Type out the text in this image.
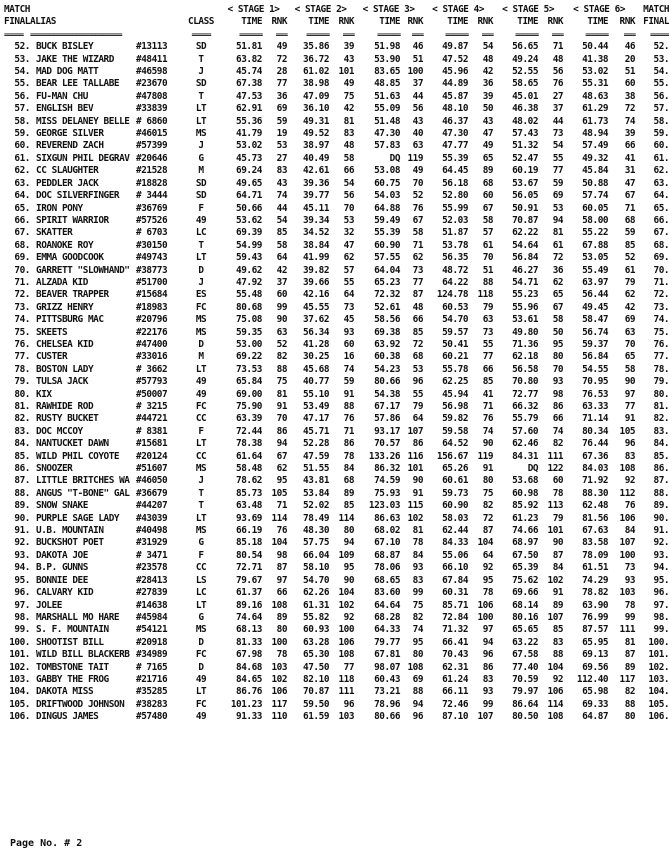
MATCH				< STAGE 1>		< STAGE 2>		< STAGE 3>		< STAGE 4>		< STAGE 5>		< STAGE 6>		MATCH
FINAL	ALIAS		CLASS	TIME	RNK	TIME	RNK	TIME	RNK	TIME	RNK	TIME	RNK	TIME	RNK	FINAL
=====	========================		=====	======	===	======	===	======	===	======	===	======	===	======	===	=====
52.	BUCK BISLEY	#13113	SD	51.81	49	35.86	39	51.98	46	49.87	54	56.65	71	50.44	46	52.
53.	JAKE THE WIZARD	#48411	T	63.82	72	36.72	43	53.90	51	47.52	48	49.24	48	41.38	20	53.
54.	MAD DOG MATT	#46598	J	45.74	28	61.02	101	83.65	100	45.96	42	52.55	56	53.02	51	54.
55.	BEAR LEE TALLABE	#23670	SD	67.38	77	38.98	49	48.85	37	44.89	36	58.65	76	55.31	60	55.
56.	FU-MAN CHU	#47808	T	47.53	36	47.09	75	51.63	44	45.87	39	45.01	27	48.63	38	56.
57.	ENGLISH BEV	#33839	LT	62.91	69	36.10	42	55.09	56	48.10	50	46.38	37	61.29	72	57.
58.	MISS DELANEY BELLE	# 6860	LT	55.36	59	49.31	81	51.48	43	46.37	43	48.02	44	61.73	74	58.
59.	GEORGE SILVER	#46015	MS	41.79	19	49.52	83	47.30	40	47.30	47	57.43	73	48.94	39	59.
60.	REVEREND ZACH	#57399	J	53.02	53	38.97	48	57.83	63	47.77	49	51.32	54	57.49	66	60.
61.	SIXGUN PHIL DEGRAV	#20646	G	45.73	27	40.49	58	DQ	119	55.39	65	52.47	55	49.32	41	61.
62.	CC SLAUGHTER	#21528	M	69.24	83	42.61	66	53.08	49	64.45	89	60.19	77	45.84	31	62.
63.	PEDDLER JACK	#18828	SD	49.65	43	39.36	54	60.75	70	56.18	68	53.67	59	50.88	47	63.
64.	DOC SILVERFINGER	# 3444	SD	64.71	74	39.77	56	54.03	52	52.80	60	56.05	69	57.74	67	64.
65.	IRON PONY	#36769	F	50.66	44	45.11	70	64.88	76	55.99	67	50.91	53	60.05	71	65.
66.	SPIRIT WARRIOR	#57526	49	53.62	54	39.34	53	59.49	67	52.03	58	70.87	94	58.00	68	66.
67.	SKATTER	# 6703	LC	69.39	85	34.52	32	55.39	58	51.87	57	62.22	81	55.22	59	67.
68.	ROANOKE ROY	#30150	T	54.99	58	38.84	47	60.90	71	53.78	61	54.64	61	67.88	85	68.
69.	EMMA GOODCOOK	#49743	LT	59.43	64	41.99	62	57.55	62	56.35	70	56.84	72	53.05	52	69.
70.	GARRETT "SLOWHAND"	#38773	D	49.62	42	39.82	57	64.04	73	48.72	51	46.27	36	55.49	61	70.
71.	ALZADA KID	#51700	J	47.92	37	39.66	55	65.23	77	64.22	88	54.71	62	63.97	79	71.
72.	BEAVER TRAPPER	#15684	ES	55.48	60	42.16	64	72.32	87	124.78	118	55.23	65	56.44	62	72.
73.	GRIZZ HENRY	#18983	FC	80.68	99	45.55	73	52.61	48	60.53	79	55.96	67	49.45	42	73.
74.	PITTSBURG MAC	#20796	MS	75.08	90	37.62	45	58.56	66	54.70	63	53.61	58	58.47	69	74.
75.	SKEETS	#22176	MS	59.35	63	56.34	93	69.38	85	59.57	73	49.80	50	56.74	63	75.
76.	CHELSEA KID	#47400	D	53.00	52	41.28	60	63.92	72	50.41	55	71.36	95	59.37	70	76.
77.	CUSTER	#33016	M	69.22	82	30.25	16	60.38	68	60.21	77	62.18	80	56.84	65	77.
78.	BOSTON LADY	# 3662	LT	73.53	88	45.68	74	54.23	53	55.78	66	56.58	70	54.55	58	78.
79.	TULSA JACK	#57793	49	65.84	75	40.77	59	80.66	96	62.25	85	70.80	93	70.95	90	79.
80.	KIX	#50007	49	69.00	81	55.10	91	54.38	55	45.94	41	72.77	98	76.53	97	80.
81.	RAWHIDE ROD	# 3215	FC	75.90	91	53.49	88	67.17	79	56.98	71	66.32	86	63.33	77	81.
82.	RUSTY BUCKET	#44721	CC	63.39	70	47.17	76	57.86	64	59.82	76	55.79	66	71.14	91	82.
83.	DOC MCCOY	# 8381	F	72.44	86	45.71	71	93.17	107	59.58	74	57.60	74	80.34	105	83.
84.	NANTUCKET DAWN	#15681	LT	78.38	94	52.28	86	70.57	86	64.52	90	62.46	82	76.44	96	84.
85.	WILD PHIL COYOTE	#20124	CC	61.64	67	47.59	78	133.26	116	156.67	119	84.31	111	67.36	83	85.
86.	SNOOZER	#51607	MS	58.48	62	51.55	84	86.32	101	65.26	91	DQ	122	84.03	108	86.
87.	LITTLE BRITCHES WA	#46050	J	78.62	95	43.81	68	74.59	90	60.61	80	53.68	60	71.92	92	87.
88.	ANGUS "T-BONE" GAL	#36679	T	85.73	105	53.84	89	75.93	91	59.73	75	60.98	78	88.30	112	88.
89.	SNOW SNAKE	#44207	T	63.48	71	52.02	85	123.03	115	60.90	82	85.92	113	62.48	76	89.
90.	PURPLE SAGE LADY	#43039	LT	93.69	114	78.49	114	86.63	102	58.03	72	61.23	79	81.56	106	90.
91.	U.B. MOUNTAIN	#40498	MS	66.19	76	48.30	80	68.02	81	62.44	87	74.66	101	67.63	84	91.
92.	BUCKSHOT POET	#31929	G	85.18	104	57.75	94	67.10	78	84.33	104	68.97	90	83.58	107	92.
93.	DAKOTA JOE	# 3471	F	80.54	98	66.04	109	68.87	84	55.06	64	67.50	87	78.09	100	93.
94.	B.P. GUNNS	#23578	CC	72.71	87	58.10	95	78.06	93	66.10	92	65.39	84	61.51	73	94.
95.	BONNIE DEE	#28413	LS	79.67	97	54.70	90	68.65	83	67.84	95	75.62	102	74.29	93	95.
96.	CALVARY KID	#27839	LC	61.37	66	62.26	104	83.60	99	60.31	78	69.66	91	78.82	103	96.
97.	JOLEE	#14638	LT	89.16	108	61.31	102	64.64	75	85.71	106	68.14	89	63.90	78	97.
98.	MARSHALL MO HARE	#45984	G	74.64	89	55.82	92	68.28	82	72.84	100	80.16	107	76.99	99	98.
99.	S. F. MOUNTAIN	#54121	MS	68.13	80	60.93	100	64.33	74	71.32	97	65.65	85	87.57	111	99.
100.	SHOOTIST BILL	#20918	D	81.33	100	63.28	106	79.77	95	66.41	94	63.22	83	65.95	81	100.
101.	WILD BILL BLACKERB	#34989	FC	67.98	78	65.30	108	67.81	80	70.43	96	67.58	88	69.13	87	101.
102.	TOMBSTONE TAIT	# 7165	D	84.68	103	47.50	77	98.07	108	62.31	86	77.40	104	69.56	89	102.
103.	GABBY THE FROG	#21716	49	84.65	102	82.10	118	60.43	69	61.24	83	70.59	92	112.40	117	103.
104.	DAKOTA MISS	#35285	LT	86.76	106	70.87	111	73.21	88	66.11	93	79.97	106	65.98	82	104.
105.	DRIFTWOOD JOHNSON	#38283	FC	101.23	117	59.50	96	78.96	94	72.46	99	86.64	114	69.33	88	105.
106.	DINGUS JAMES	#57480	49	91.33	110	61.59	103	80.66	96	87.10	107	80.50	108	64.87	80	106.
Page No. # 2
